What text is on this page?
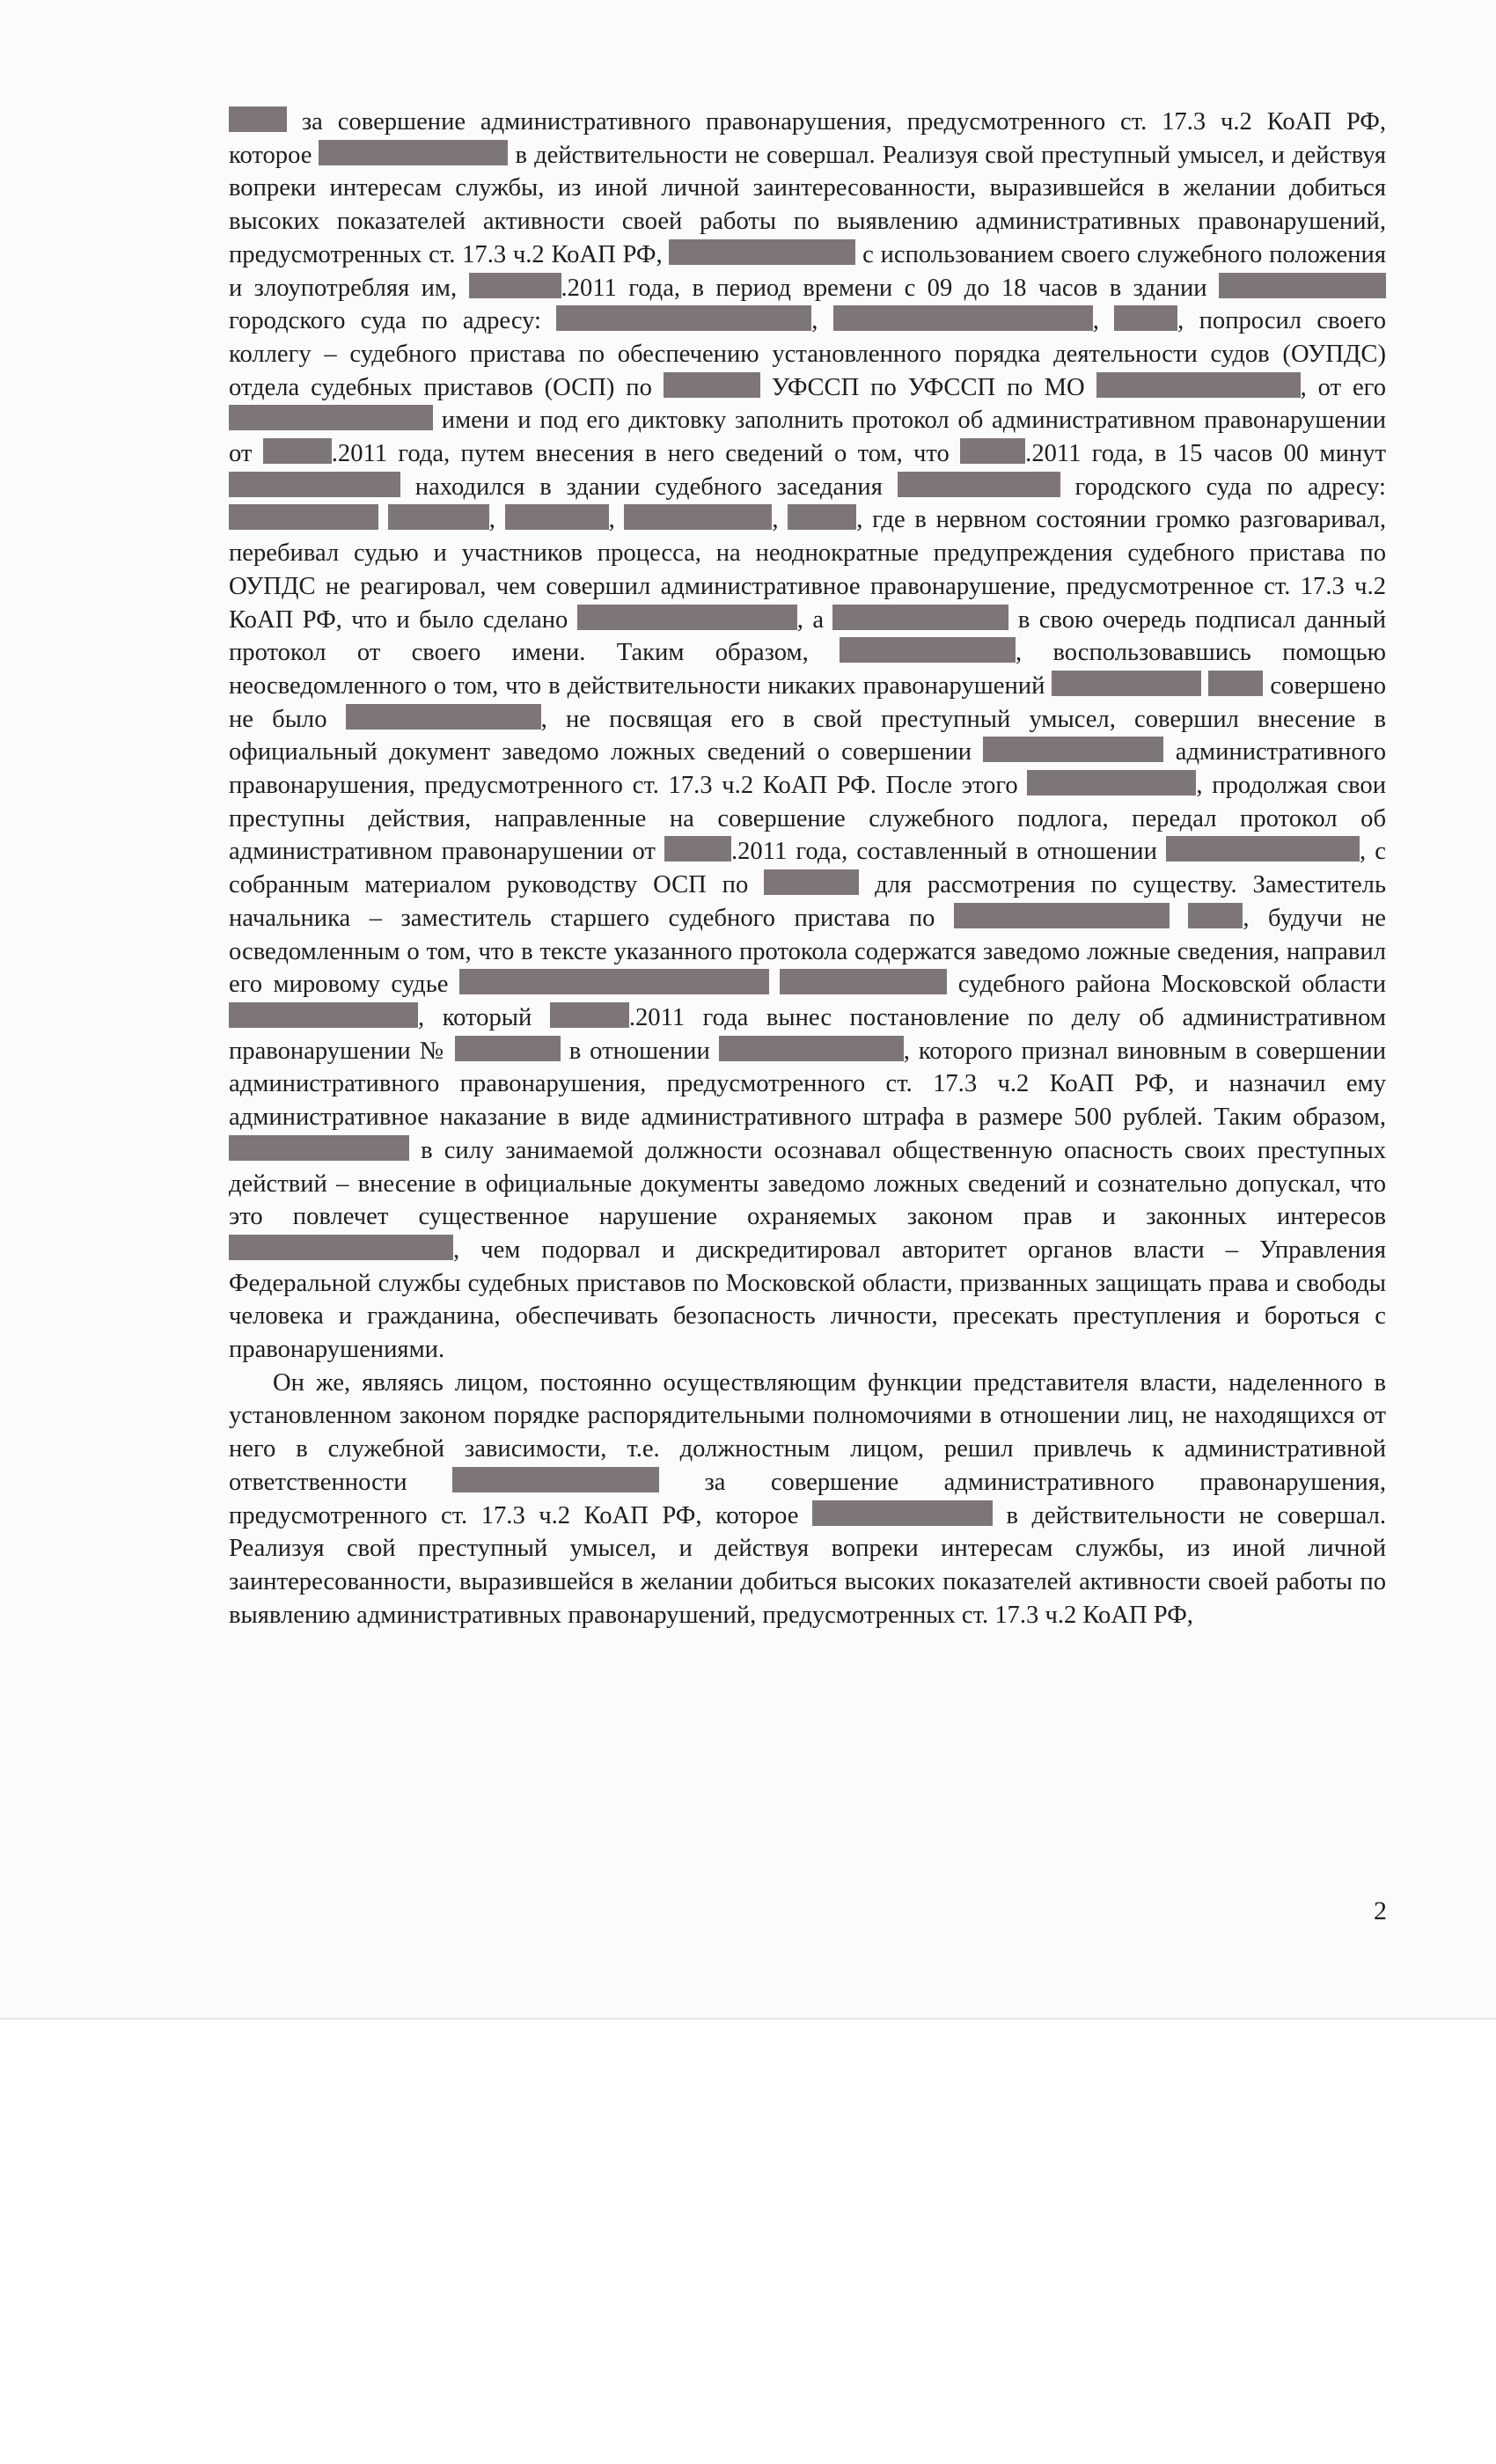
за совершение административного правонарушения, предусмотренного ст. 17.3 ч.2 КоАП РФ, которое	в действительности не совершал. Реализуя свой преступный умысел, и действуя вопреки интересам службы, из иной личной заинтересованности, выразившейся в желании добиться высоких показателей активности своей работы по выявлению административных правонарушений, предусмотренных ст. 17.3 ч.2 КоАП РФ,	с использованием своего служебного положения и злоупотребляя им,	.2011 года, в период времени с 09 до 18 часов в здании  городского суда по адресу:	,	,	, попросил своего коллегу – судебного пристава по обеспечению установленного порядка деятельности судов (ОУПДС) отдела судебных приставов (ОСП) по	УФССП по УФССП по МО	, от его  имени и под его диктовку заполнить протокол об административном правонарушении от	.2011 года, путем внесения в него сведений о том, что	.2011 года, в 15 часов 00 минут  находился в здании судебного заседания	городского суда по адресу:  ,	,	,	, где в нервном состоянии громко разговаривал, перебивал судью и участников процесса, на неоднократные предупреждения судебного пристава по ОУПДС не реагировал, чем совершил административное правонарушение, предусмотренное ст. 17.3 ч.2 КоАП РФ, что и было сделано	, а	в свою очередь подписал данный протокол от своего имени. Таким образом,	, воспользовавшись помощью неосведомленного о том, что в действительности никаких правонарушений	совершено не было	, не посвящая его в свой преступный умысел, совершил внесение в официальный документ заведомо ложных сведений о совершении	административного правонарушения, предусмотренного ст. 17.3 ч.2 КоАП РФ. После этого	, продолжая свои преступны действия, направленные на совершение служебного подлога, передал протокол об административном правонарушении от	.2011 года, составленный в отношении	, с собранным материалом руководству ОСП по	для рассмотрения по существу. Заместитель начальника – заместитель старшего судебного пристава по	, будучи не осведомленным о том, что в тексте указанного протокола содержатся заведомо ложные сведения, направил его мировому судье	судебного района Московской области , который	.2011 года вынес постановление по делу об административном правонарушении №	в отношении	, которого признал виновным в совершении административного правонарушения, предусмотренного ст. 17.3 ч.2 КоАП РФ, и назначил ему административное наказание в виде административного штрафа в размере 500 рублей. Таким образом,  в силу занимаемой должности осознавал общественную опасность своих преступных действий – внесение в официальные документы заведомо ложных сведений и сознательно допускал, что это повлечет существенное нарушение охраняемых законом прав и законных интересов , чем подорвал и дискредитировал авторитет органов власти – Управления Федеральной службы судебных приставов по Московской области, призванных защищать права и свободы человека и гражданина, обеспечивать безопасность личности, пресекать преступления и бороться с правонарушениями.

Он же, являясь лицом, постоянно осуществляющим функции представителя власти, наделенного в установленном законом порядке распорядительными полномочиями в отношении лиц, не находящихся от него в служебной зависимости, т.е. должностным лицом, решил привлечь к административной ответственности	за совершение административного правонарушения, предусмотренного ст. 17.3 ч.2 КоАП РФ, которое	в действительности не совершал. Реализуя свой преступный умысел, и действуя вопреки интересам службы, из иной личной заинтересованности, выразившейся в желании добиться высоких показателей активности своей работы по выявлению административных правонарушений, предусмотренных ст. 17.3 ч.2 КоАП РФ,

2
